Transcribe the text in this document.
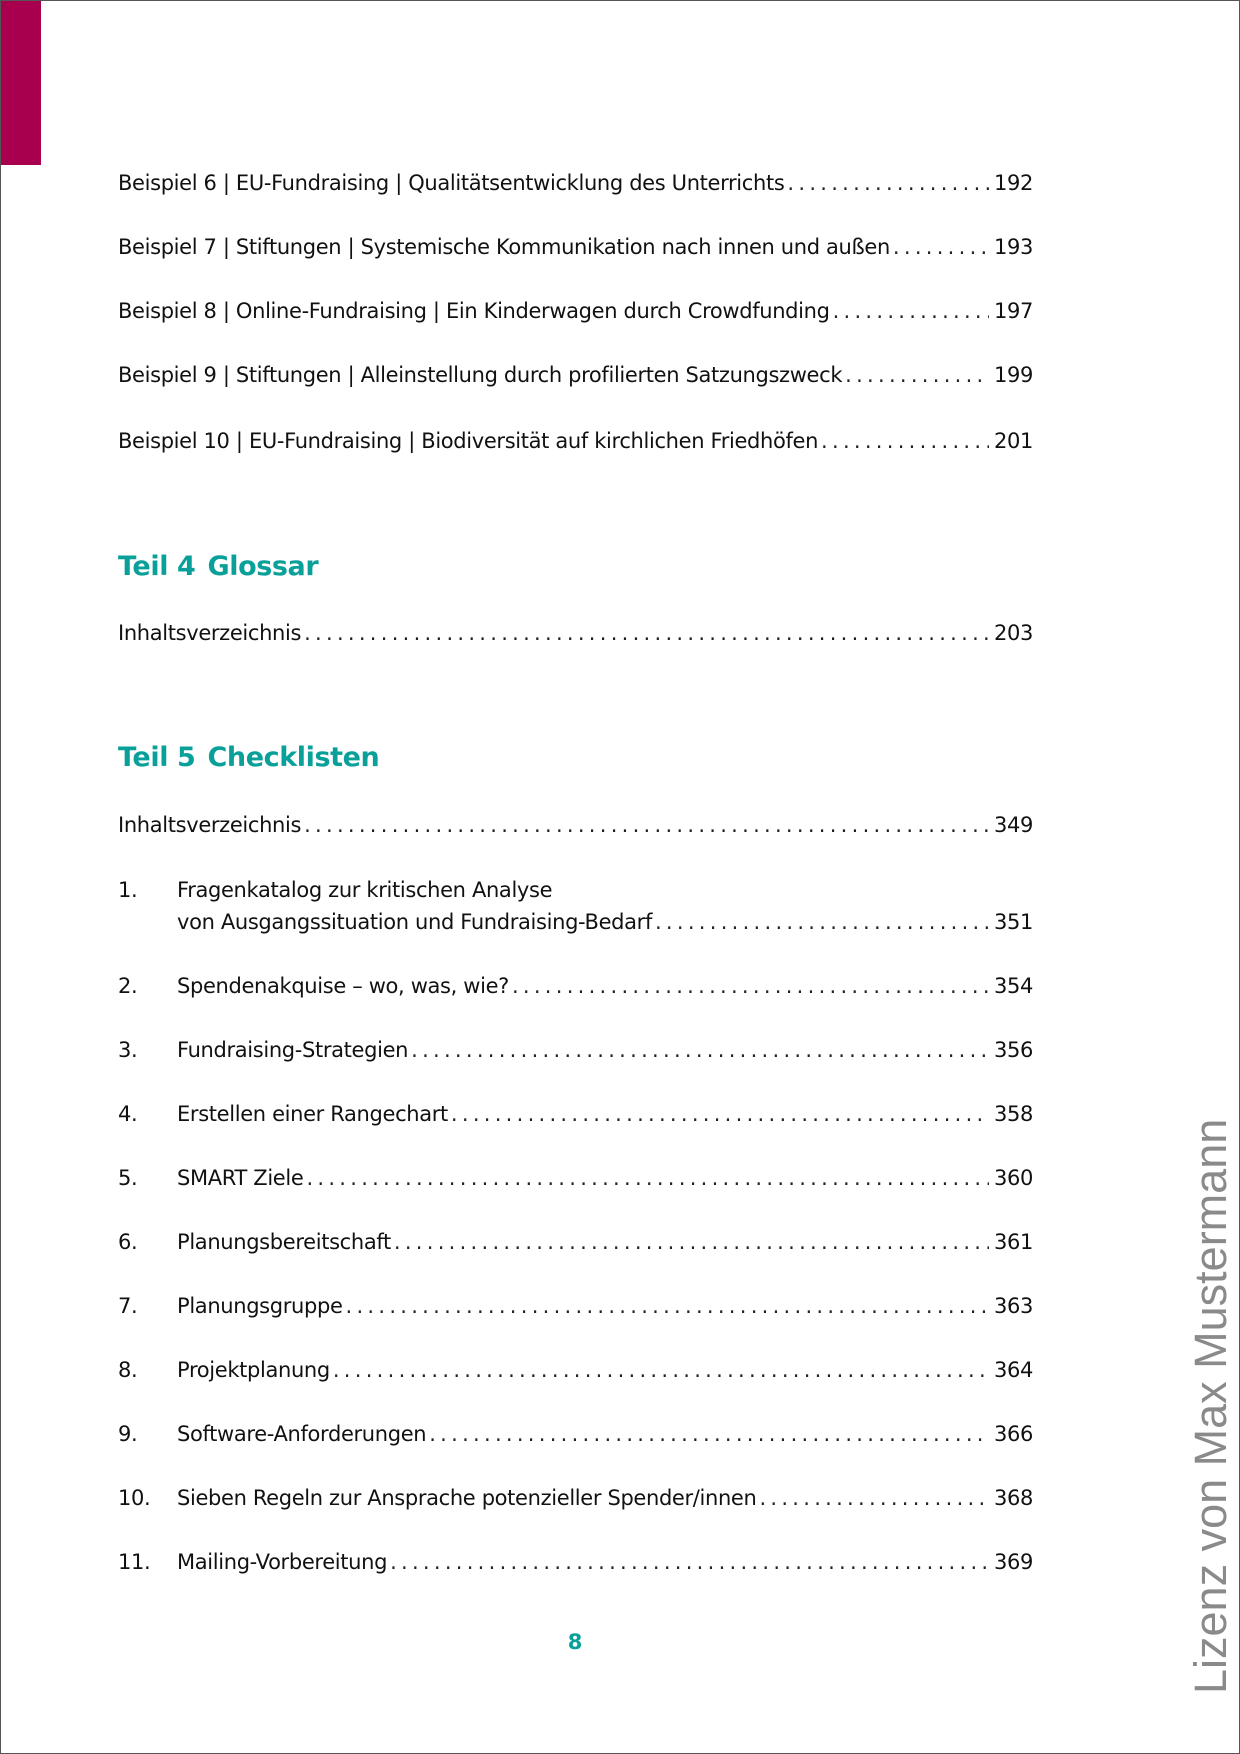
Beispiel 6 | EU-Fundraising | Qualitätsentwicklung des Unterrichts . . .	192
Beispiel 7 | Stiftungen | Systemische Kommunikation nach innen und außen . . .	193
Beispiel 8 | Online-Fundraising | Ein Kinderwagen durch Crowdfunding . . .	197
Beispiel 9 | Stiftungen | Alleinstellung durch profilierten Satzungszweck . . .	199
Beispiel 10 | EU-Fundraising | Biodiversität auf kirchlichen Friedhöfen . . .	201
Teil 4 Glossar
Inhaltsverzeichnis . . .	203
Teil 5 Checklisten
Inhaltsverzeichnis . . .	349
1.	Fragenkatalog zur kritischen Analyse
von Ausgangssituation und Fundraising-Bedarf . . .	351
2.	Spendenakquise – wo, was, wie? . . .	354
3.	Fundraising-Strategien . . .	356
4.	Erstellen einer Rangechart . . .	358
5.	SMART Ziele . . .	360
6.	Planungsbereitschaft . . .	361
7.	Planungsgruppe . . .	363
8.	Projektplanung . . .	364
9.	Software-Anforderungen . . .	366
10.	Sieben Regeln zur Ansprache potenzieller Spender/innen . . .	368
11.	Mailing-Vorbereitung . . .	369
8	Lizenz von Max Mustermann
